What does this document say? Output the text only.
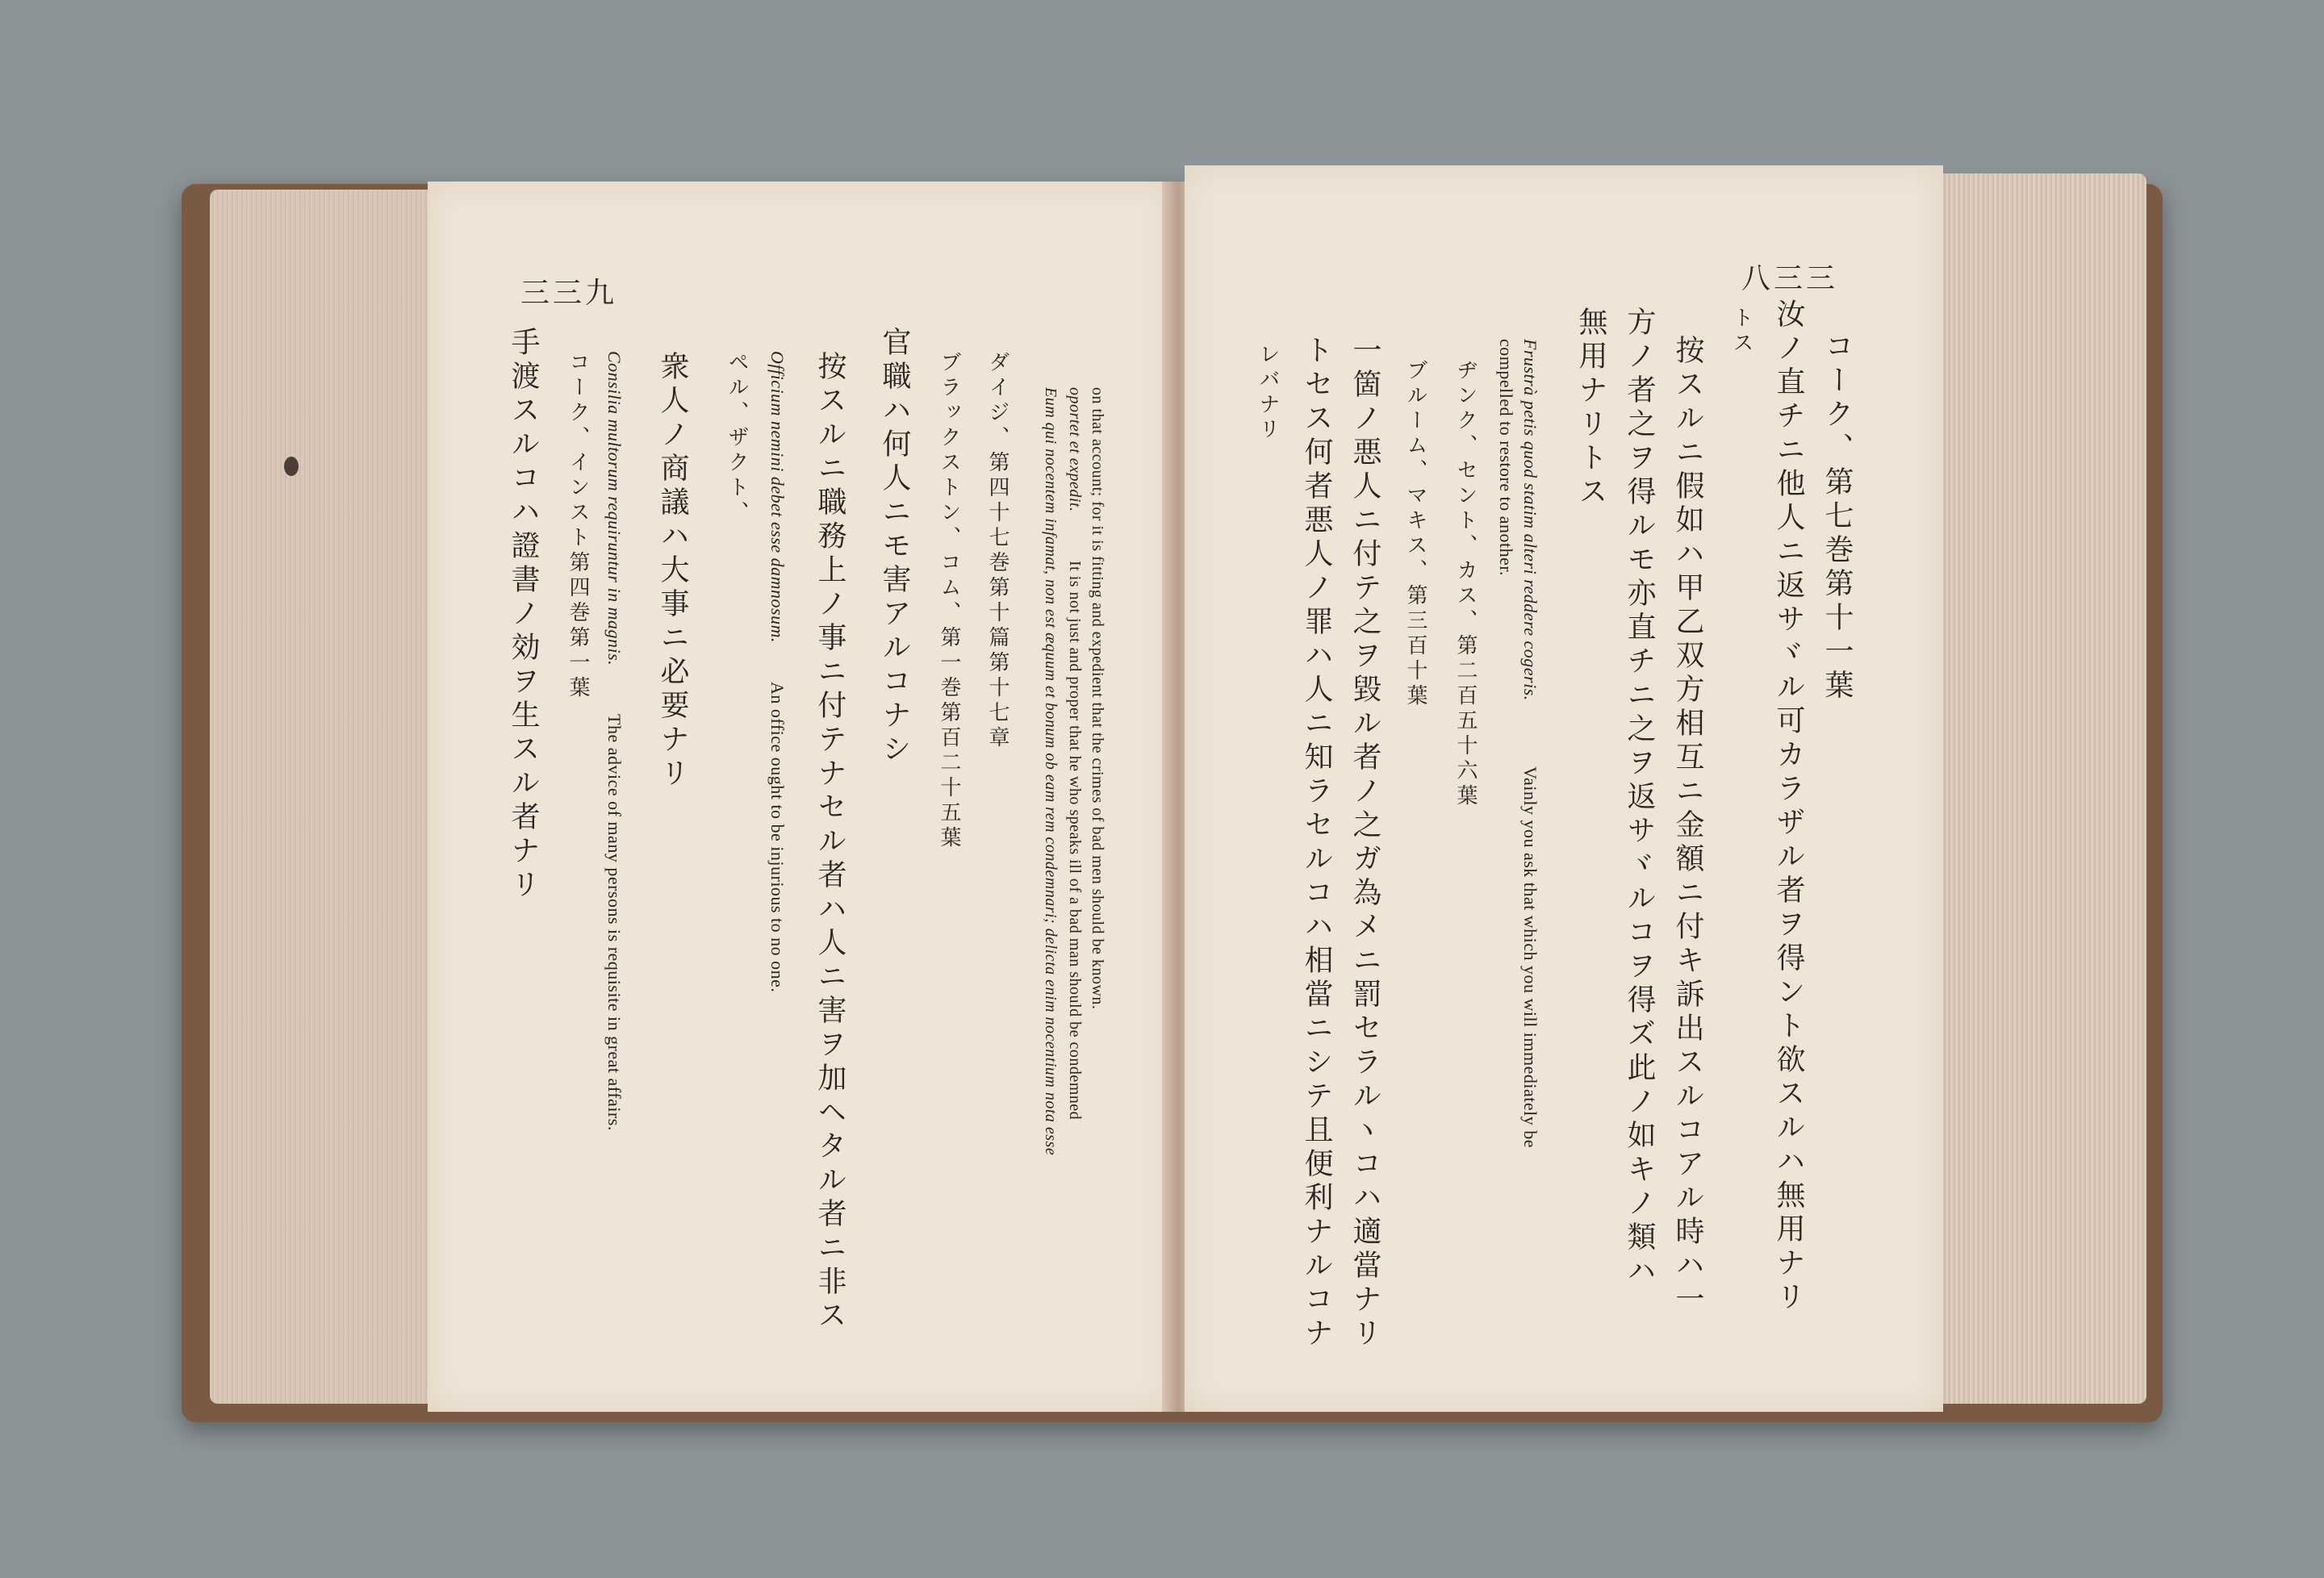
三三九
手渡スルコハ證書ノ効ヲ生スル者ナリ コーク、インスト第四巻第一葉 Consilia multorum requiruntur in magnis.
The advice of many persons is requisite in great affairs.
衆人ノ商議ハ大事ニ必要ナリ ペル、ザクト、 Officium nemini debet esse damnosum.
An office ought to be injurious to no one. 按スルニ職務上ノ事ニ付テナセル者ハ人ニ害ヲ加ヘタル者ニ非ス 官職ハ何人ニモ害アルコナシ ブラックストン、コム、第一巻第百二十五葉 ダイジ、第四十七巻第十篇第十七章 Eum qui nocentem infamat, non est æquum et bonum ob eam rem condemnari; delicta enim nocentium nota esse oportet et expedit.
It is not just and proper that he who speaks ill of a bad man should be condemned on that account; for it is fitting and expedient that the crimes of bad men should be known.
八三三
コーク、第七巻第十一葉
汝ノ直チニ他人ニ返サヾル可カラザル者ヲ得ント欲スルハ無用ナリ
トス
按スルニ假如ハ甲乙双方相互ニ金額ニ付キ訴出スルコアル時ハ一
方ノ者之ヲ得ルモ亦直チニ之ヲ返サヾルコヲ得ズ此ノ如キノ類ハ
無用ナリトス
Frustrà petis quod statim alteri reddere cogeris.
Vainly you ask that which you will immediately be
compelled to restore to another.
ヂンク、セント、カス、第二百五十六葉
ブルーム、マキス、第三百十葉
一箇ノ悪人ニ付テ之ヲ毀ル者ノ之ガ為メニ罰セラルヽコハ適當ナリ
トセス何者悪人ノ罪ハ人ニ知ラセルコハ相當ニシテ且便利ナルコナ
レバナリ
